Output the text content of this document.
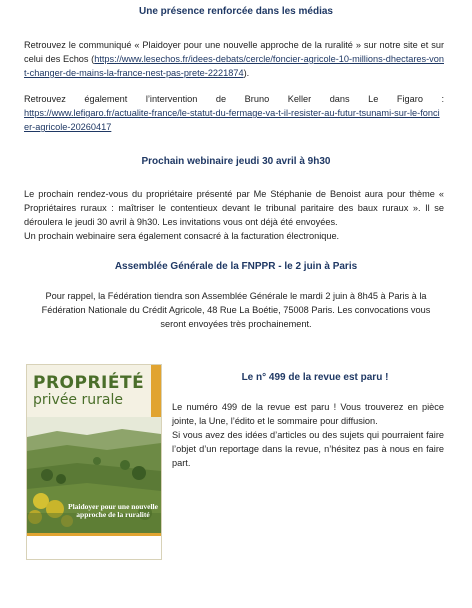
Une présence renforcée dans les médias

Retrouvez le communiqué « Plaidoyer pour une nouvelle approche de la ruralité » sur notre site et sur celui des Echos (https://www.lesechos.fr/idees-debats/cercle/foncier-agricole-10-millions-dhectares-vont-changer-de-mains-la-france-nest-pas-prete-2221874).

Retrouvez également l’intervention de Bruno Keller dans Le Figaro :

https://www.lefigaro.fr/actualite-france/le-statut-du-fermage-va-t-il-resister-au-futur-tsunami-sur-le-foncier-agricole-20260417

Prochain webinaire jeudi 30 avril à 9h30

Le prochain rendez-vous du propriétaire présenté par Me Stéphanie de Benoist aura pour thème « Propriétaires ruraux : maîtriser le contentieux devant le tribunal paritaire des baux ruraux ». Il se déroulera le jeudi 30 avril à 9h30. Les invitations vous ont déjà été envoyées.

Un prochain webinaire sera également consacré à la facturation électronique.

Assemblée Générale de la FNPPR - le 2 juin à Paris

Pour rappel, la Fédération tiendra son Assemblée Générale le mardi 2 juin à 8h45 à Paris à la Fédération Nationale du Crédit Agricole, 48 Rue La Boétie, 75008 Paris. Les convocations vous seront envoyées très prochainement.

PROPRIÉTÉ
privée rurale
Plaidoyer pour une nouvelle approche de la ruralité
Le n° 499 de la revue est paru !

Le numéro 499 de la revue est paru ! Vous trouverez en pièce jointe, la Une, l’édito et le sommaire pour diffusion.

Si vous avez des idées d’articles ou des sujets qui pourraient faire l’objet d’un reportage dans la revue, n’hésitez pas à nous en faire part.
